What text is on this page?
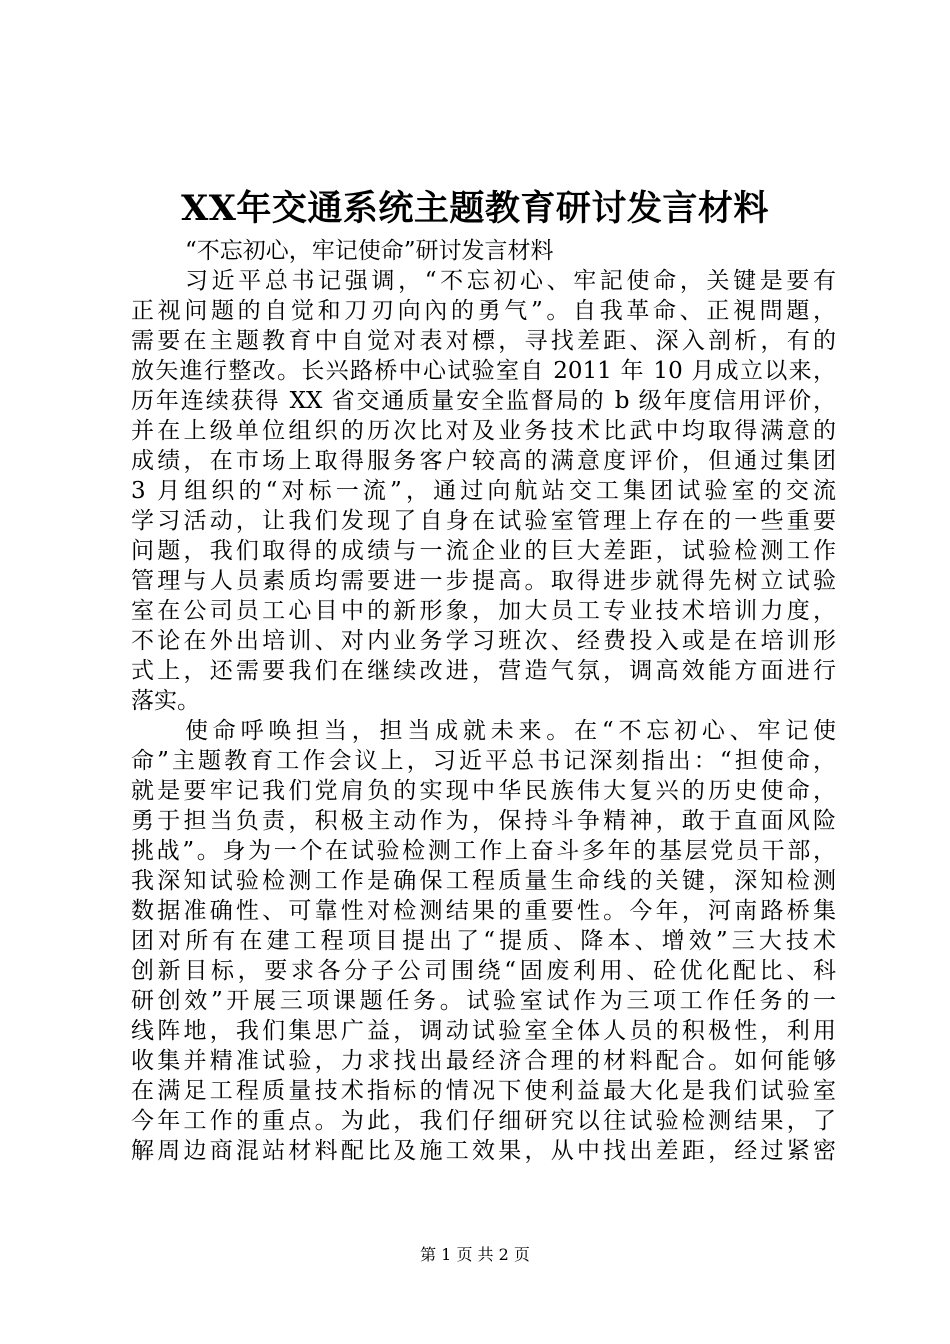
XX年交通系统主题教育研讨发言材料
“不忘初心，牢记使命”研讨发言材料
习近平总书记强调，“不忘初心、牢記使命，关键是要有
正视问题的自觉和刀刃向內的勇气”。自我革命、正視問題，
需要在主题教育中自觉对表对標，寻找差距、深入剖析，有的
放矢進行整改。长兴路桥中心试验室自 2011 年 10 月成立以来，
历年连续获得 XX 省交通质量安全监督局的 b 级年度信用评价，
并在上级单位组织的历次比对及业务技术比武中均取得满意的
成绩，在市场上取得服务客户较高的满意度评价，但通过集团
3 月组织的“对标一流”，通过向航站交工集团试验室的交流
学习活动，让我们发现了自身在试验室管理上存在的一些重要
问题，我们取得的成绩与一流企业的巨大差距，试验检测工作
管理与人员素质均需要进一步提高。取得进步就得先树立试验
室在公司员工心目中的新形象，加大员工专业技术培训力度，
不论在外出培训、对内业务学习班次、经费投入或是在培训形
式上，还需要我们在继续改进，营造气氛，调高效能方面进行
落实。
使命呼唤担当，担当成就未来。在“不忘初心、牢记使
命”主题教育工作会议上，习近平总书记深刻指出：“担使命，
就是要牢记我们党肩负的实现中华民族伟大复兴的历史使命，
勇于担当负责，积极主动作为，保持斗争精神，敢于直面风险
挑战”。身为一个在试验检测工作上奋斗多年的基层党员干部，
我深知试验检测工作是确保工程质量生命线的关键，深知检测
数据准确性、可靠性对检测结果的重要性。今年，河南路桥集
团对所有在建工程项目提出了“提质、降本、增效”三大技术
创新目标，要求各分子公司围绕“固废利用、砼优化配比、科
研创效”开展三项课题任务。试验室试作为三项工作任务的一
线阵地，我们集思广益，调动试验室全体人员的积极性，利用
收集并精准试验，力求找出最经济合理的材料配合。如何能够
在满足工程质量技术指标的情况下使利益最大化是我们试验室
今年工作的重点。为此，我们仔细研究以往试验检测结果，了
解周边商混站材料配比及施工效果，从中找出差距，经过紧密
第 1 页 共 2 页
